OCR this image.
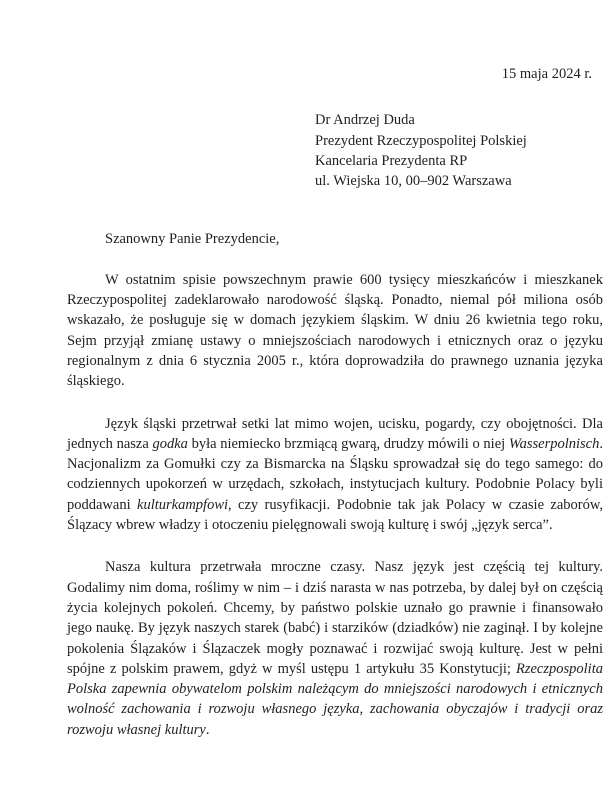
15 maja 2024 r.
Dr Andrzej Duda
Prezydent Rzeczypospolitej Polskiej
Kancelaria Prezydenta RP
ul. Wiejska 10, 00–902 Warszawa
Szanowny Panie Prezydencie,

W ostatnim spisie powszechnym prawie 600 tysięcy mieszkańców i mieszkanek Rzeczypospolitej zadeklarowało narodowość śląską. Ponadto, niemal pół miliona osób wskazało, że posługuje się w domach językiem śląskim. W dniu 26 kwietnia tego roku, Sejm przyjął zmianę ustawy o mniejszościach narodowych i etnicznych oraz o języku regionalnym z dnia 6 stycznia 2005 r., która doprowadziła do prawnego uznania języka śląskiego.

Język śląski przetrwał setki lat mimo wojen, ucisku, pogardy, czy obojętności. Dla jednych nasza godka była niemiecko brzmiącą gwarą, drudzy mówili o niej Wasserpolnisch. Nacjonalizm za Gomułki czy za Bismarcka na Śląsku sprowadzał się do tego samego: do codziennych upokorzeń w urzędach, szkołach, instytucjach kultury. Podobnie Polacy byli poddawani kulturkampfowi, czy rusyfikacji. Podobnie tak jak Polacy w czasie zaborów, Ślązacy wbrew władzy i otoczeniu pielęgnowali swoją kulturę i swój „język serca”.

Nasza kultura przetrwała mroczne czasy. Nasz język jest częścią tej kultury. Godalimy nim doma, roślimy w nim – i dziś narasta w nas potrzeba, by dalej był on częścią życia kolejnych pokoleń. Chcemy, by państwo polskie uznało go prawnie i finansowało jego naukę. By język naszych starek (babć) i starzików (dziadków) nie zaginął. I by kolejne pokolenia Ślązaków i Ślązaczek mogły poznawać i rozwijać swoją kulturę. Jest w pełni spójne z polskim prawem, gdyż w myśl ustępu 1 artykułu 35 Konstytucji; Rzeczpospolita Polska zapewnia obywatelom polskim należącym do mniejszości narodowych i etnicznych wolność zachowania i rozwoju własnego języka, zachowania obyczajów i tradycji oraz rozwoju własnej kultury.
